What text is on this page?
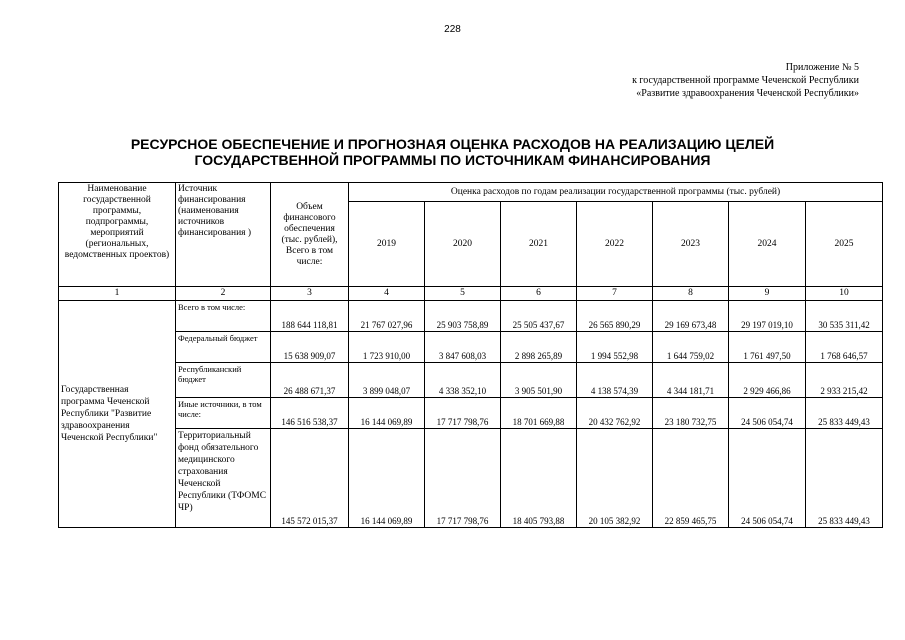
228
Приложение № 5
к государственной программе Чеченской Республики
«Развитие здравоохранения Чеченской Республики»
РЕСУРСНОЕ ОБЕСПЕЧЕНИЕ И ПРОГНОЗНАЯ ОЦЕНКА РАСХОДОВ НА РЕАЛИЗАЦИЮ ЦЕЛЕЙ
ГОСУДАРСТВЕННОЙ ПРОГРАММЫ ПО ИСТОЧНИКАМ ФИНАНСИРОВАНИЯ
Наименование государственной программы, подпрограммы, мероприятий (региональных, ведомственных проектов)	Источник финансирования (наименования источников финансирования )	Объем финансового обеспечения (тыс. рублей), Всего в том числе:	Оценка расходов по годам реализации государственной программы (тыс. рублей)						
			2019	2020	2021	2022	2023	2024	2025
1	2	3	4	5	6	7	8	9	10
Государственная программа Чеченской Республики "Развитие здравоохранения Чеченской Республики"	Всего в том числе:	188 644 118,81	21 767 027,96	25 903 758,89	25 505 437,67	26 565 890,29	29 169 673,48	29 197 019,10	30 535 311,42
	Федеральный бюджет	15 638 909,07	1 723 910,00	3 847 608,03	2 898 265,89	1 994 552,98	1 644 759,02	1 761 497,50	1 768 646,57
	Республиканский бюджет	26 488 671,37	3 899 048,07	4 338 352,10	3 905 501,90	4 138 574,39	4 344 181,71	2 929 466,86	2 933 215,42
	Иные источники, в том числе:	146 516 538,37	16 144 069,89	17 717 798,76	18 701 669,88	20 432 762,92	23 180 732,75	24 506 054,74	25 833 449,43
	Территориальный фонд обязательного медицинского страхования Чеченской Республики (ТФОМС ЧР)	145 572 015,37	16 144 069,89	17 717 798,76	18 405 793,88	20 105 382,92	22 859 465,75	24 506 054,74	25 833 449,43
